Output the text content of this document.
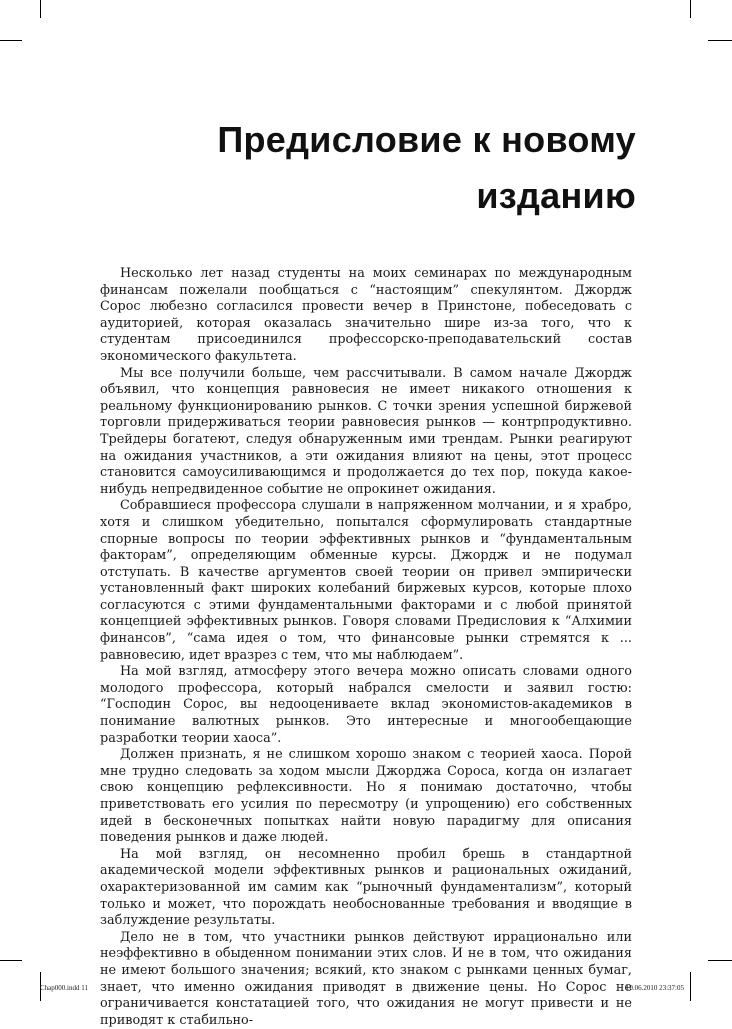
Предисловие к новому
изданию

Несколько лет назад студенты на моих семинарах по международным финансам пожелали пообщаться с “настоящим” спекулянтом. Джордж Сорос любезно согласился провести вечер в Принстоне, побеседовать с аудиторией, которая оказалась значительно шире из-за того, что к студентам присоединился профессорско-преподавательский состав экономического факультета.

Мы все получили больше, чем рассчитывали. В самом начале Джордж объявил, что концепция равновесия не имеет никакого отношения к реальному функционированию рынков. С точки зрения успешной биржевой торговли придерживаться теории равновесия рынков — контрпродуктивно. Трейдеры богатеют, следуя обнаруженным ими трендам. Рынки реагируют на ожидания участников, а эти ожидания влияют на цены, этот процесс становится самоусиливающимся и продолжается до тех пор, покуда какое-нибудь непредвиденное событие не опрокинет ожидания.

Собравшиеся профессора слушали в напряженном молчании, и я храбро, хотя и слишком убедительно, попытался сформулировать стандартные спорные вопросы по теории эффективных рынков и “фундаментальным факторам”, определяющим обменные курсы. Джордж и не подумал отступать. В качестве аргументов своей теории он привел эмпирически установленный факт широких колебаний биржевых курсов, которые плохо согласуются с этими фундаментальными факторами и с любой принятой концепцией эффективных рынков. Говоря словами Предисловия к “Алхимии финансов”, “сама идея о том, что финансовые рынки стремятся к ... равновесию, идет вразрез с тем, что мы наблюдаем”.

На мой взгляд, атмосферу этого вечера можно описать словами одного молодого профессора, который набрался смелости и заявил гостю: “Господин Сорос, вы недооцениваете вклад экономистов-академиков в понимание валютных рынков. Это интересные и многообещающие разработки теории хаоса”.

Должен признать, я не слишком хорошо знаком с теорией хаоса. Порой мне трудно следовать за ходом мысли Джорджа Сороса, когда он излагает свою концепцию рефлексивности. Но я понимаю достаточно, чтобы приветствовать его усилия по пересмотру (и упрощению) его собственных идей в бесконечных попытках найти новую парадигму для описания поведения рынков и даже людей.

На мой взгляд, он несомненно пробил брешь в стандартной академической модели эффективных рынков и рациональных ожиданий, охарактеризованной им самим как “рыночный фундаментализм”, который только и может, что порождать необоснованные требования и вводящие в заблуждение результаты.

Дело не в том, что участники рынков действуют иррационально или неэффективно в обыденном понимании этих слов. И не в том, что ожидания не имеют большого значения; всякий, кто знаком с рынками ценных бумаг, знает, что именно ожидания приводят в движение цены. Но Сорос не ограничивается констатацией того, что ожидания не могут привести и не приводят к стабильно-

Chap000.indd 11	10.06.2010 23:37:05
